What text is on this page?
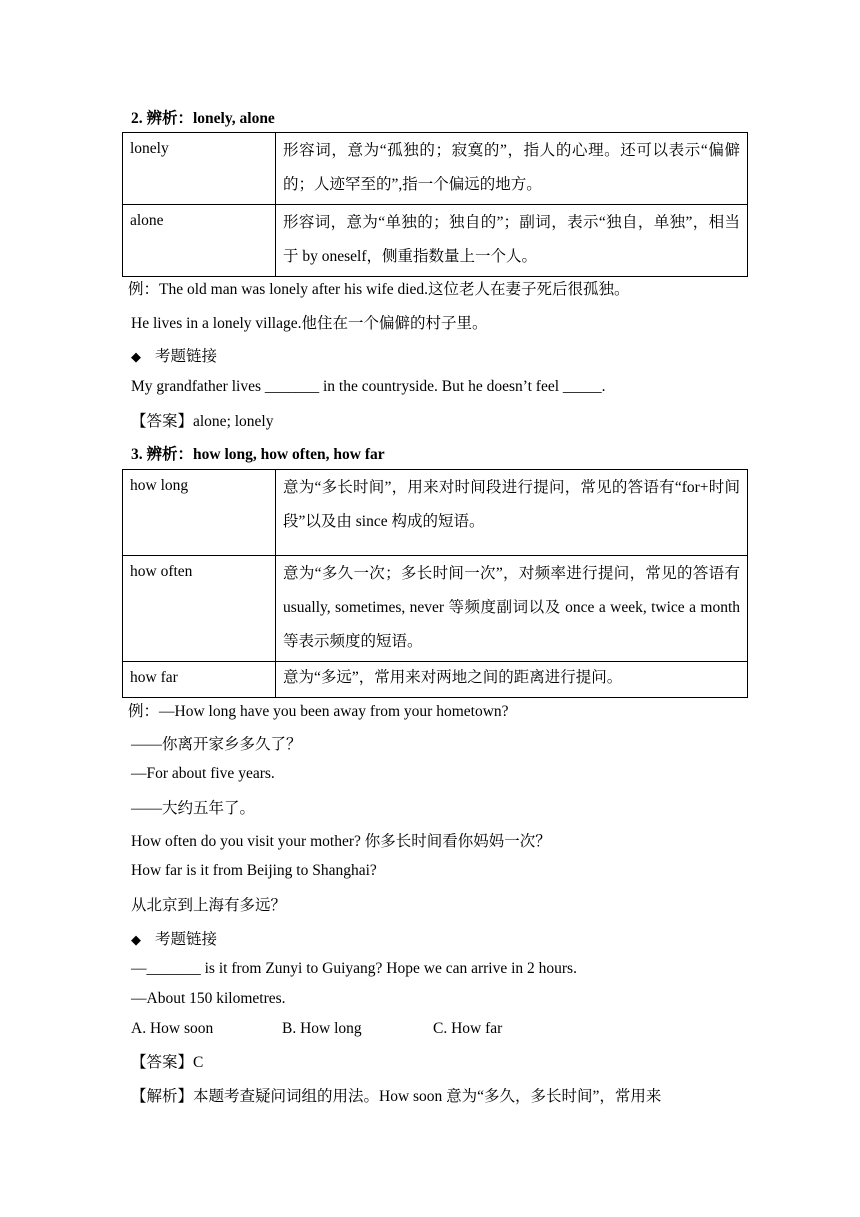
2. 辨析：lonely, alone
lonely	形容词，意为“孤独的；寂寞的”，指人的心理。还可以表示“偏僻的；人迹罕至的”,指一个偏远的地方。
alone	形容词，意为“单独的；独自的”；副词，表示“独自，单独”，相当于 by oneself，侧重指数量上一个人。
例：The old man was lonely after his wife died.这位老人在妻子死后很孤独。
He lives in a lonely village.他住在一个偏僻的村子里。
◆ 考题链接
My grandfather lives _______ in the countryside. But he doesn’t feel _____.
【答案】alone; lonely
3. 辨析：how long, how often, how far
how long	意为“多长时间”，用来对时间段进行提问，常见的答语有“for+时间段”以及由 since 构成的短语。
how often	意为“多久一次；多长时间一次”，对频率进行提问，常见的答语有 usually, sometimes, never 等频度副词以及 once a week, twice a month 等表示频度的短语。
how far	意为“多远”，常用来对两地之间的距离进行提问。
例：—How long have you been away from your hometown?
——你离开家乡多久了？
—For about five years.
——大约五年了。
How often do you visit your mother? 你多长时间看你妈妈一次？
How far is it from Beijing to Shanghai?
从北京到上海有多远？
◆ 考题链接
—_______ is it from Zunyi to Guiyang? Hope we can arrive in 2 hours.
—About 150 kilometres.
A. How soon	B. How long	C. How far
【答案】C
【解析】本题考查疑问词组的用法。How soon 意为“多久，多长时间”，常用来
